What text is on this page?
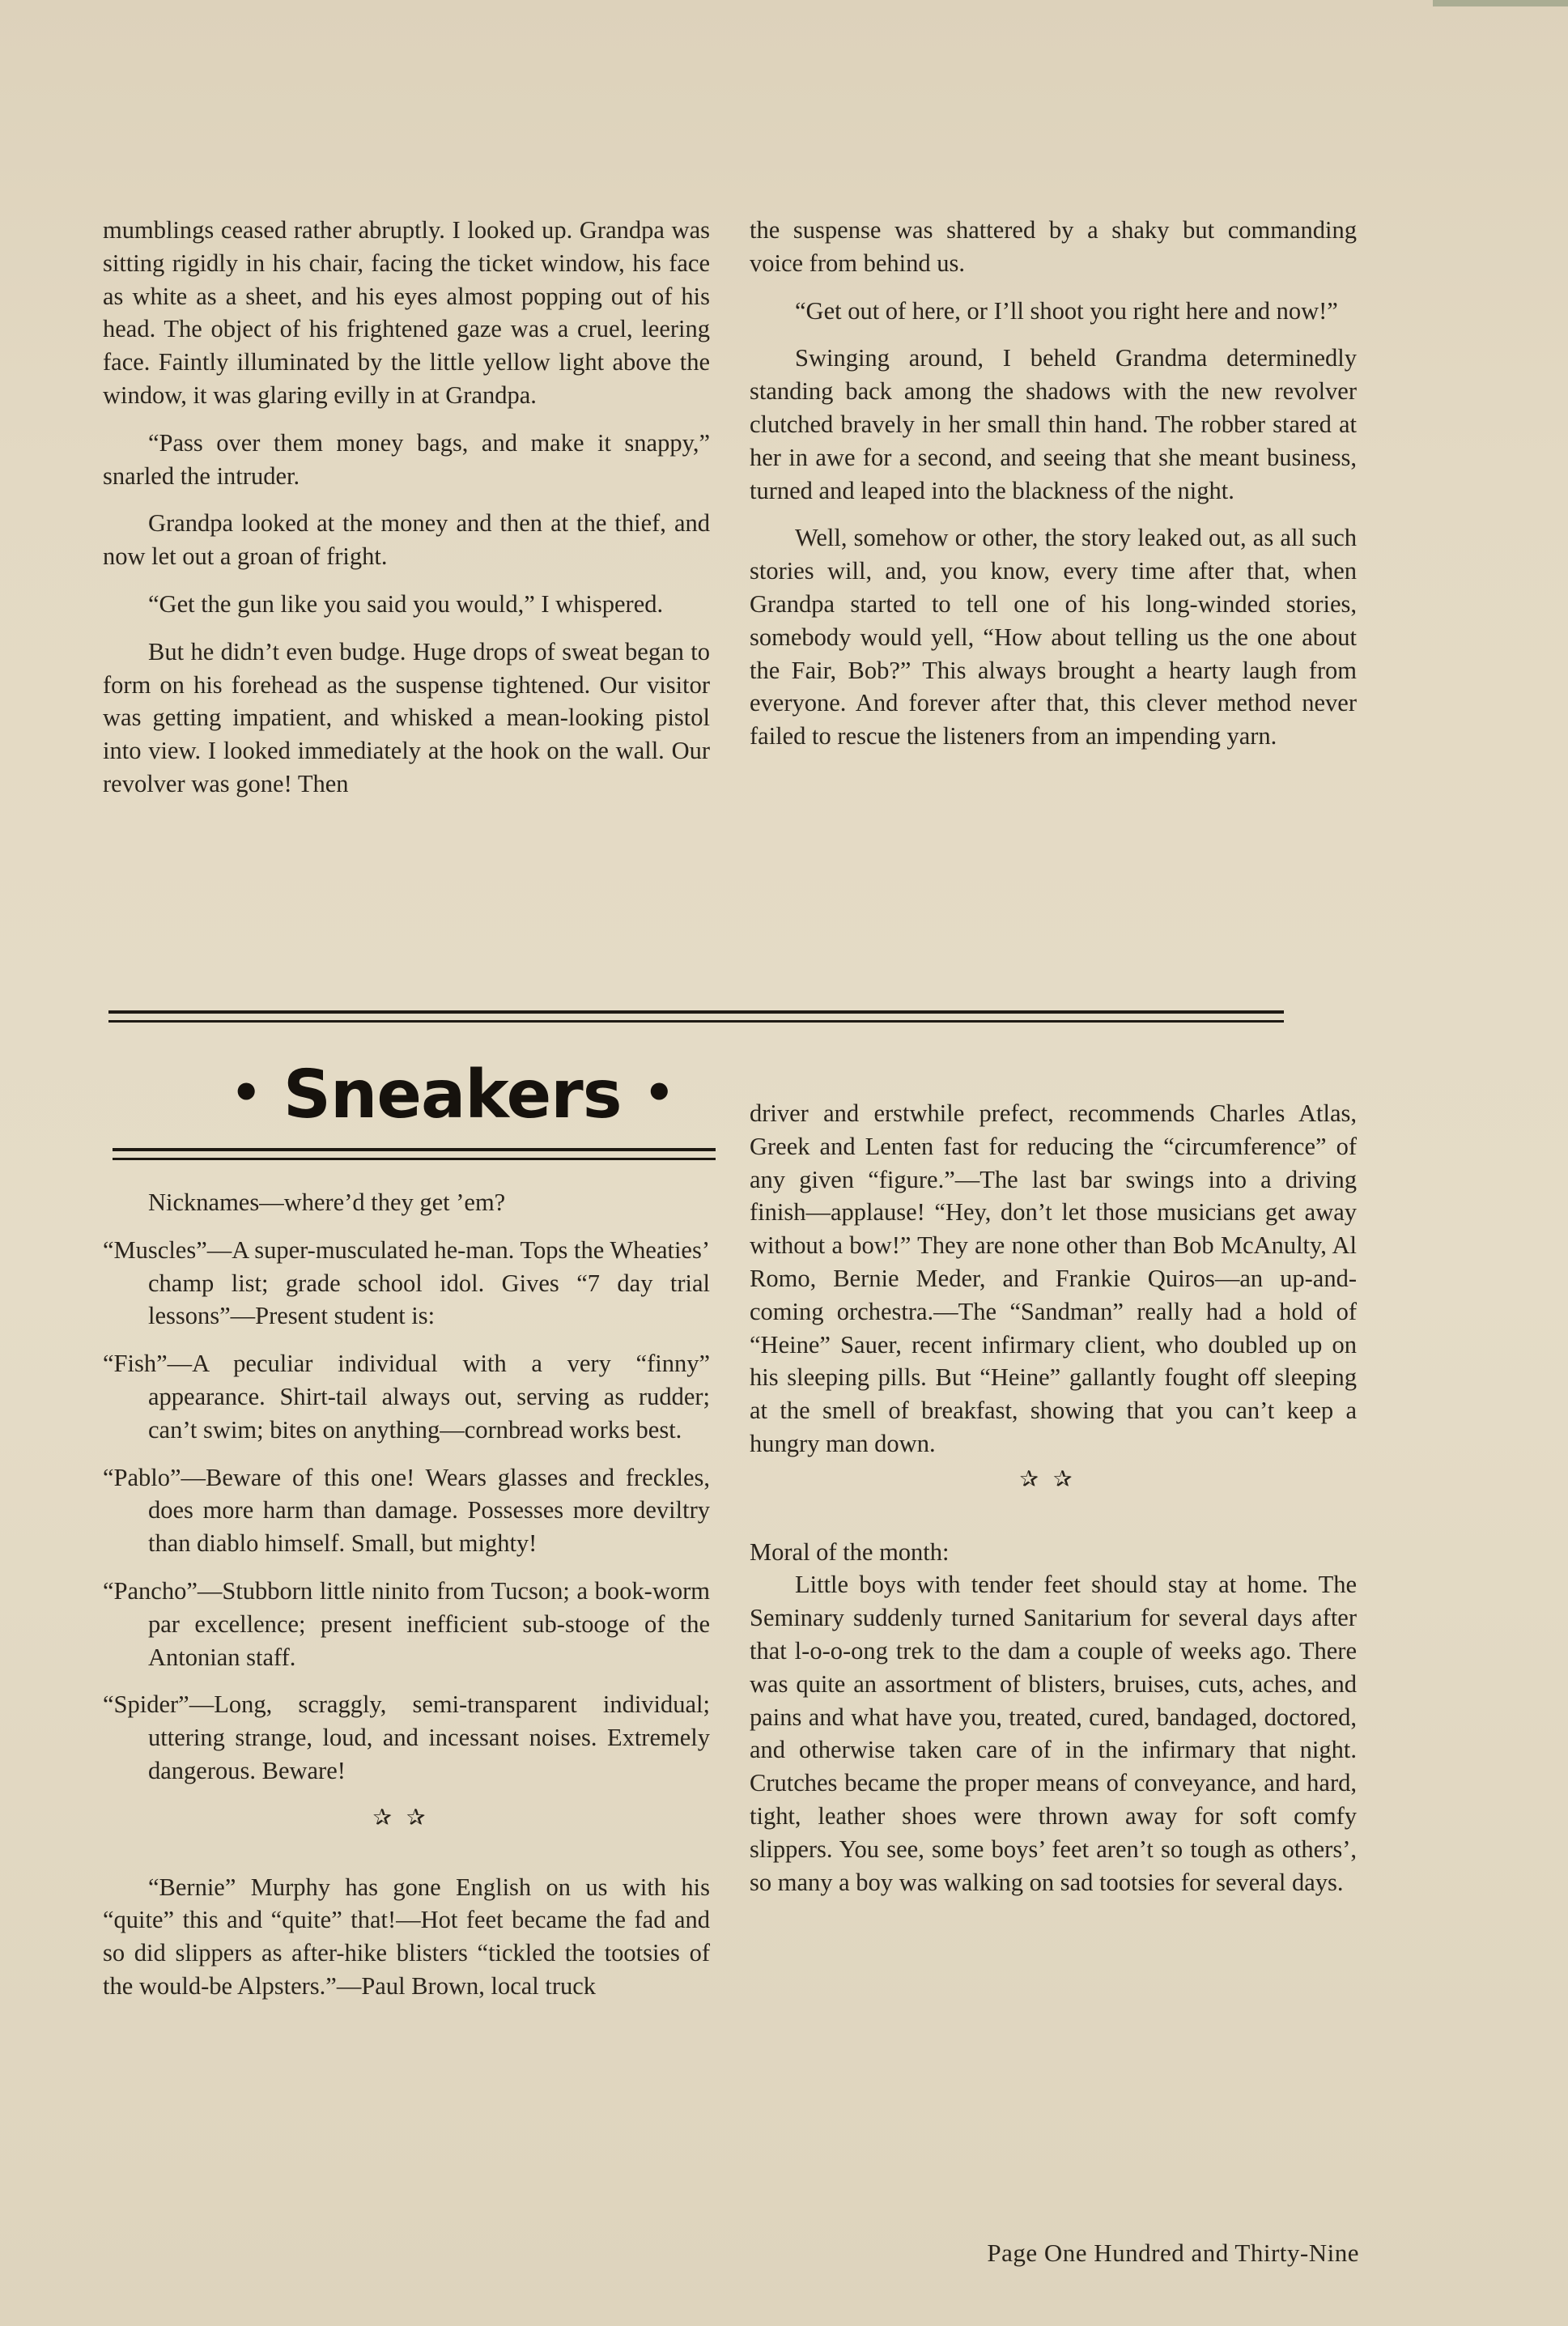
mumblings ceased rather abruptly. I looked up. Grandpa was sitting rigidly in his chair, facing the ticket window, his face as white as a sheet, and his eyes almost popping out of his head. The object of his frightened gaze was a cruel, leering face. Faintly illuminated by the little yellow light above the window, it was glaring evilly in at Grandpa.

“Pass over them money bags, and make it snappy,” snarled the intruder.

Grandpa looked at the money and then at the thief, and now let out a groan of fright.

“Get the gun like you said you would,” I whispered.

But he didn’t even budge. Huge drops of sweat began to form on his forehead as the suspense tightened. Our visitor was getting impatient, and whisked a mean-looking pistol into view. I looked immediately at the hook on the wall. Our revolver was gone! Then

the suspense was shattered by a shaky but commanding voice from behind us.

“Get out of here, or I’ll shoot you right here and now!”

Swinging around, I beheld Grandma determinedly standing back among the shadows with the new revolver clutched bravely in her small thin hand. The robber stared at her in awe for a second, and seeing that she meant business, turned and leaped into the blackness of the night.

Well, somehow or other, the story leaked out, as all such stories will, and, you know, every time after that, when Grandpa started to tell one of his long-winded stories, somebody would yell, “How about telling us the one about the Fair, Bob?” This always brought a hearty laugh from everyone. And forever after that, this clever method never failed to rescue the listeners from an impending yarn.

• Sneakers •

Nicknames—where’d they get ’em?

“Muscles”—A super-musculated he-man. Tops the Wheaties’ champ list; grade school idol. Gives “7 day trial lessons”—Present student is:

“Fish”—A peculiar individual with a very “finny” appearance. Shirt-tail always out, serving as rudder; can’t swim; bites on anything—cornbread works best.

“Pablo”—Beware of this one! Wears glasses and freckles, does more harm than damage. Possesses more deviltry than diablo himself. Small, but mighty!

“Pancho”—Stubborn little ninito from Tucson; a book-worm par excellence; present inefficient sub-stooge of the Antonian staff.

“Spider”—Long, scraggly, semi-transparent individual; uttering strange, loud, and incessant noises. Extremely dangerous. Beware!

✰✰

“Bernie” Murphy has gone English on us with his “quite” this and “quite” that!—Hot feet became the fad and so did slippers as after-hike blisters “tickled the tootsies of the would-be Alpsters.”—Paul Brown, local truck

driver and erstwhile prefect, recommends Charles Atlas, Greek and Lenten fast for reducing the “circumference” of any given “figure.”—The last bar swings into a driving finish—applause! “Hey, don’t let those musicians get away without a bow!” They are none other than Bob McAnulty, Al Romo, Bernie Meder, and Frankie Quiros—an up-and-coming orchestra.—The “Sandman” really had a hold of “Heine” Sauer, recent infirmary client, who doubled up on his sleeping pills. But “Heine” gallantly fought off sleeping at the smell of breakfast, showing that you can’t keep a hungry man down.

✰✰

Moral of the month:

Little boys with tender feet should stay at home. The Seminary suddenly turned Sanitarium for several days after that l-o-o-ong trek to the dam a couple of weeks ago. There was quite an assortment of blisters, bruises, cuts, aches, and pains and what have you, treated, cured, bandaged, doctored, and otherwise taken care of in the infirmary that night. Crutches became the proper means of conveyance, and hard, tight, leather shoes were thrown away for soft comfy slippers. You see, some boys’ feet aren’t so tough as others’, so many a boy was walking on sad tootsies for several days.

Page One Hundred and Thirty-Nine
